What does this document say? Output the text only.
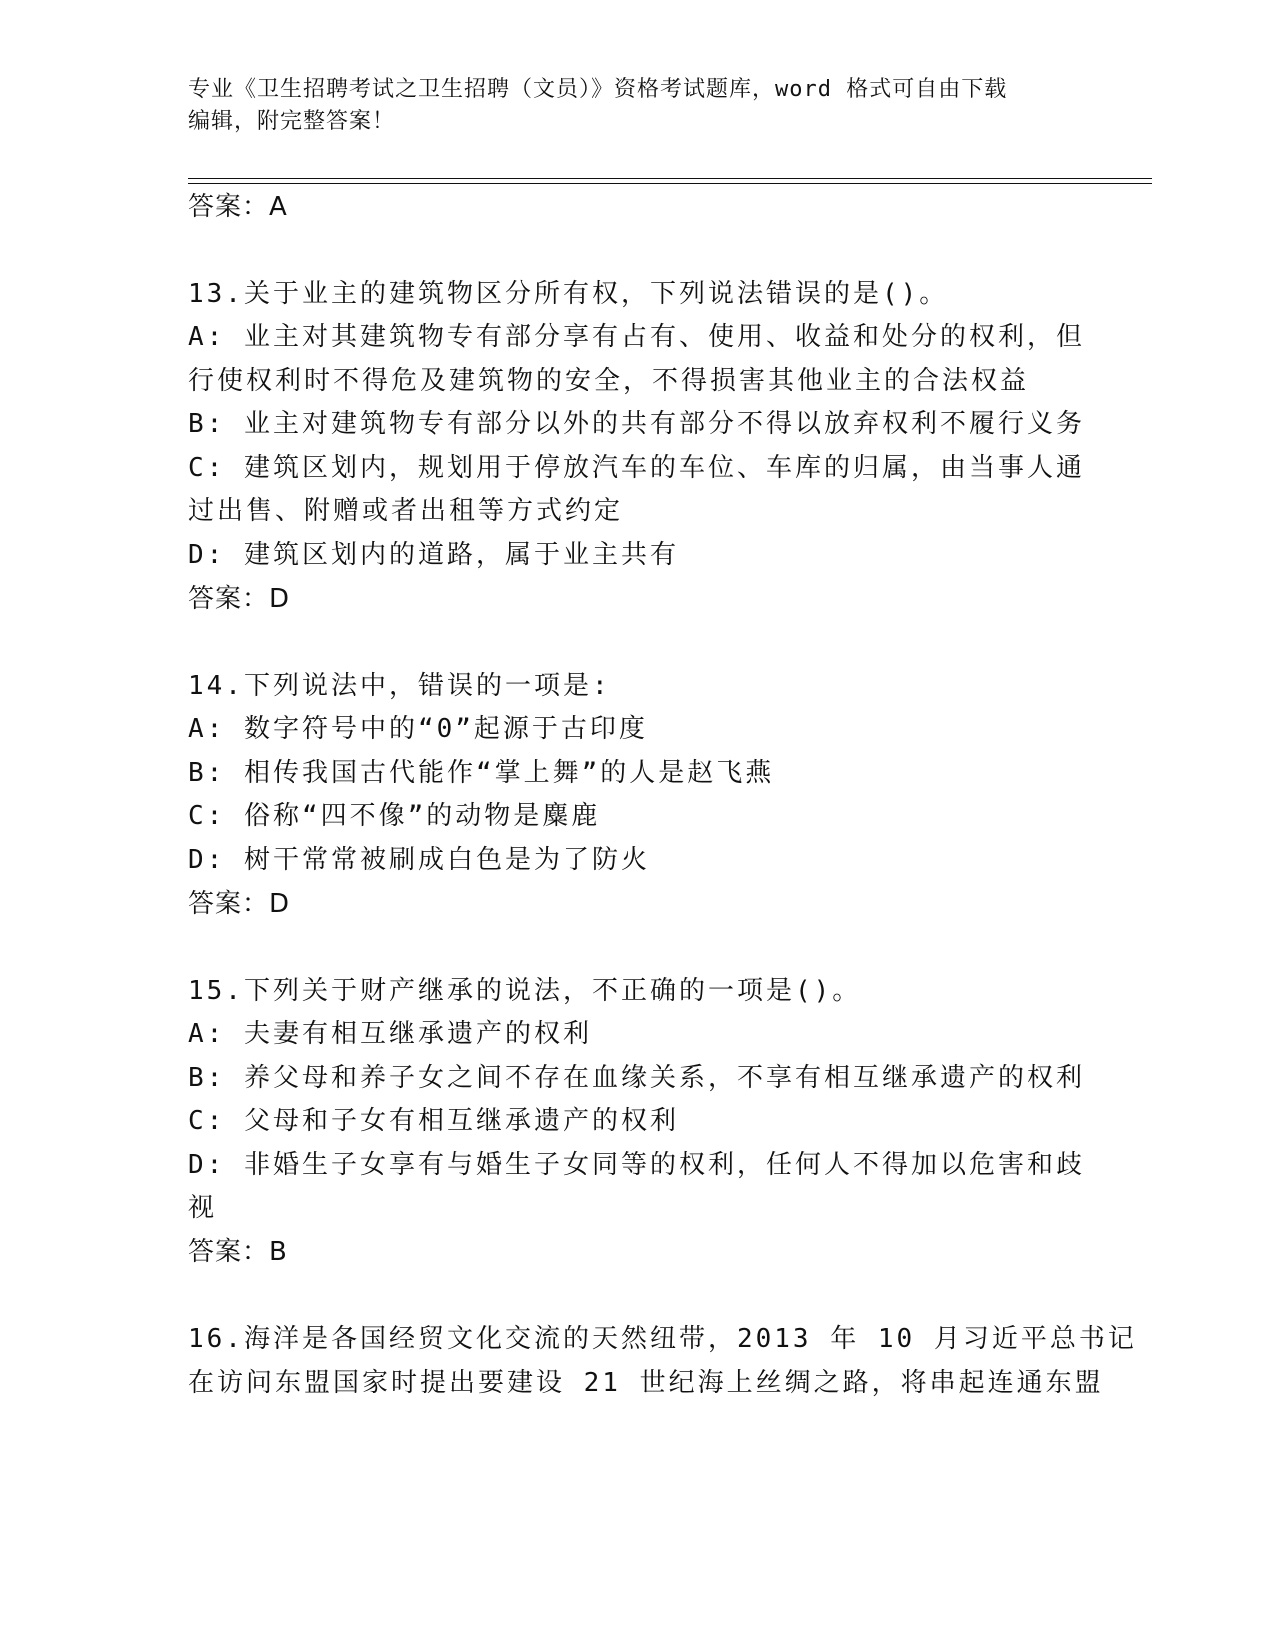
专业《卫生招聘考试之卫生招聘（文员）》资格考试题库，word 格式可自由下载
编辑，附完整答案！
答案：A
13.关于业主的建筑物区分所有权，下列说法错误的是()。
A: 业主对其建筑物专有部分享有占有、使用、收益和处分的权利，但
行使权利时不得危及建筑物的安全，不得损害其他业主的合法权益
B: 业主对建筑物专有部分以外的共有部分不得以放弃权利不履行义务
C: 建筑区划内，规划用于停放汽车的车位、车库的归属，由当事人通
过出售、附赠或者出租等方式约定
D: 建筑区划内的道路，属于业主共有
答案：D
14.下列说法中，错误的一项是:
A: 数字符号中的“0”起源于古印度
B: 相传我国古代能作“掌上舞”的人是赵飞燕
C: 俗称“四不像”的动物是麋鹿
D: 树干常常被刷成白色是为了防火
答案：D
15.下列关于财产继承的说法，不正确的一项是()。
A: 夫妻有相互继承遗产的权利
B: 养父母和养子女之间不存在血缘关系，不享有相互继承遗产的权利
C: 父母和子女有相互继承遗产的权利
D: 非婚生子女享有与婚生子女同等的权利，任何人不得加以危害和歧
视
答案：B
16.海洋是各国经贸文化交流的天然纽带，2013 年 10 月习近平总书记
在访问东盟国家时提出要建设 21 世纪海上丝绸之路，将串起连通东盟
